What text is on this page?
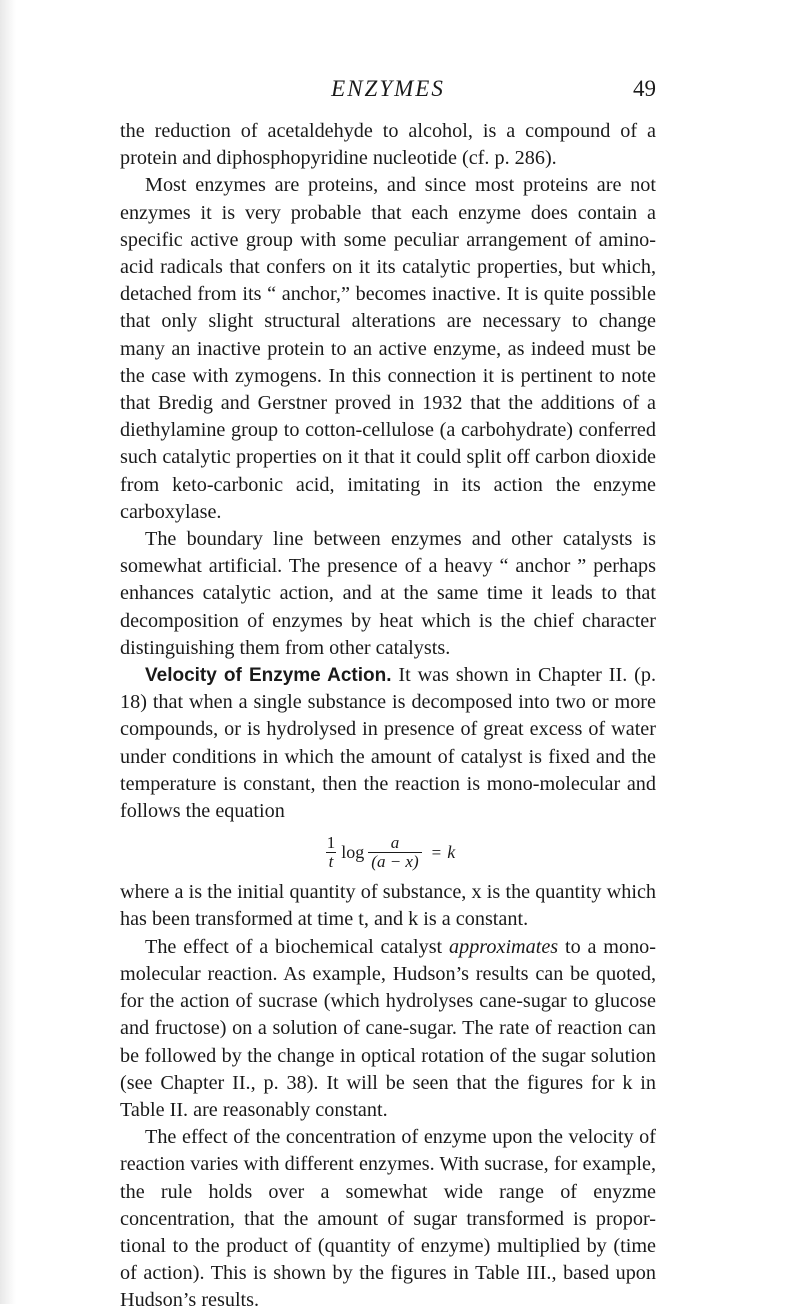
ENZYMES	49

the reduction of acetaldehyde to alcohol, is a compound of a protein and diphosphopyridine nucleotide (cf. p. 286).

Most enzymes are proteins, and since most proteins are not enzymes it is very probable that each enzyme does contain a specific active group with some peculiar arrangement of amino-acid radicals that confers on it its catalytic properties, but which, detached from its “ anchor,” becomes inactive. It is quite possible that only slight structural alterations are necessary to change many an inactive protein to an active enzyme, as indeed must be the case with zymogens. In this connection it is pertinent to note that Bredig and Gerstner proved in 1932 that the additions of a diethylamine group to cotton-cellulose (a carbohydrate) conferred such catalytic properties on it that it could split off carbon dioxide from keto-carbonic acid, imitating in its action the enzyme carboxylase.

The boundary line between enzymes and other catalysts is somewhat artificial. The presence of a heavy “ anchor ” perhaps enhances catalytic action, and at the same time it leads to that decomposition of enzymes by heat which is the chief character distinguishing them from other catalysts.

Velocity of Enzyme Action. It was shown in Chapter II. (p. 18) that when a single substance is decomposed into two or more compounds, or is hydrolysed in presence of great excess of water under conditions in which the amount of catalyst is fixed and the temperature is constant, then the reaction is mono-molecular and follows the equation

$\frac{1}{t}$ $\log \frac{a}{(a - x)} = k$

where a is the initial quantity of substance, x is the quantity which has been transformed at time t, and k is a constant.

The effect of a biochemical catalyst approximates to a mono-molecular reaction. As example, Hudson’s results can be quoted, for the action of sucrase (which hydrolyses cane-sugar to glucose and fructose) on a solution of cane-sugar. The rate of reaction can be followed by the change in optical rotation of the sugar solution (see Chapter II., p. 38). It will be seen that the figures for k in Table II. are reasonably constant.

The effect of the concentration of enzyme upon the velocity of reaction varies with different enzymes. With sucrase, for example, the rule holds over a somewhat wide range of enyzme concentration, that the amount of sugar transformed is propor-tional to the product of (quantity of enzyme) multiplied by (time of action). This is shown by the figures in Table III., based upon Hudson’s results.
